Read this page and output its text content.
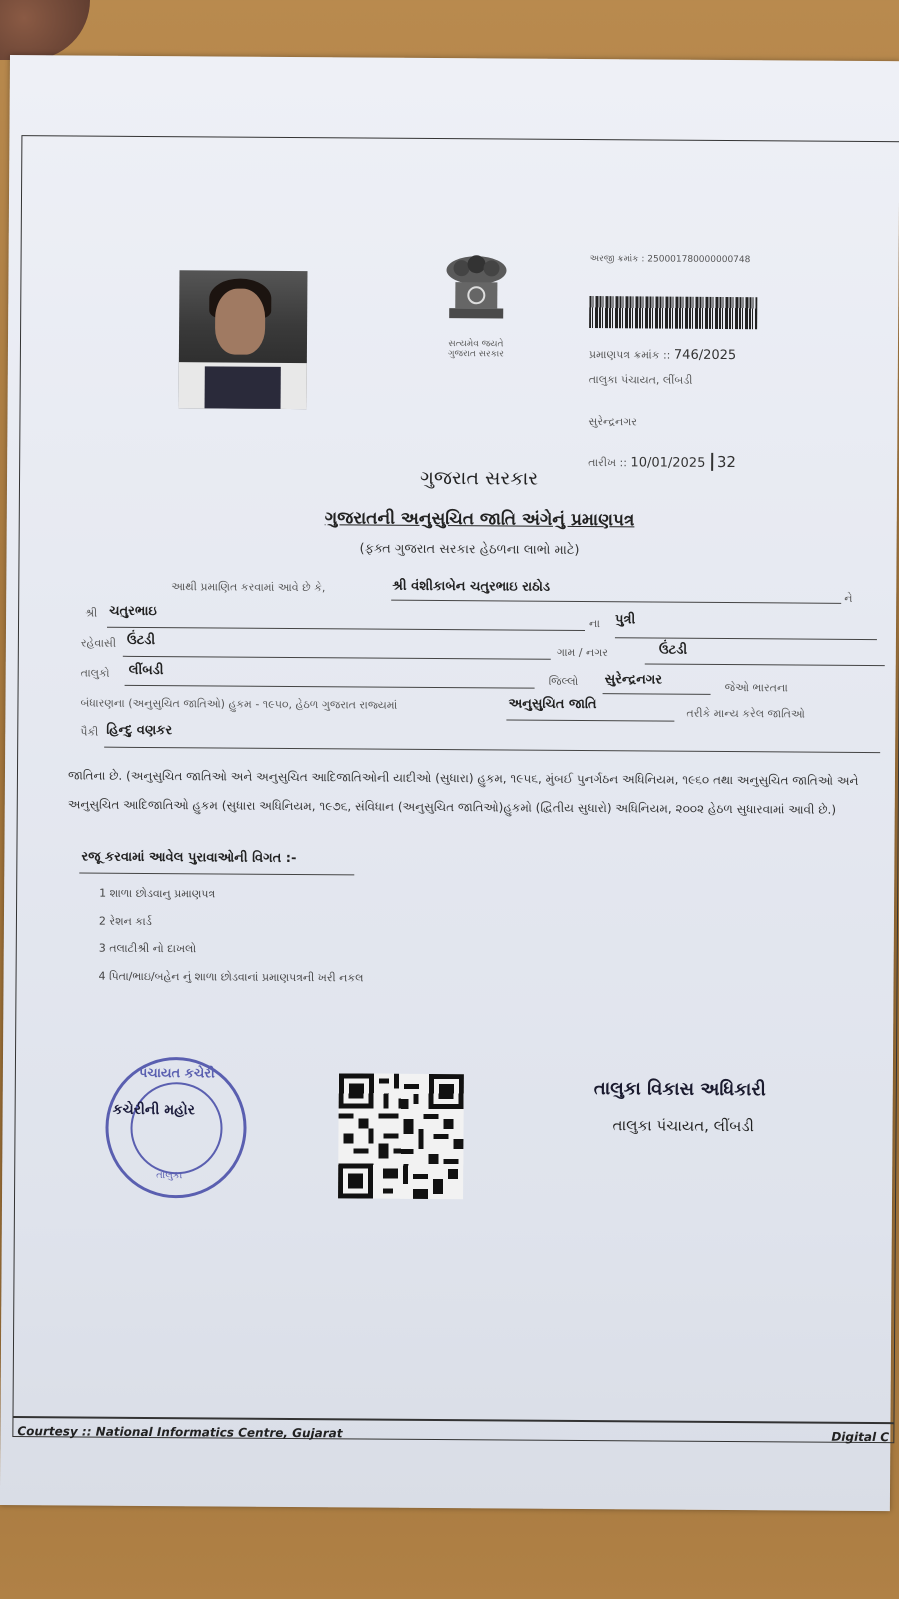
સત્યમેવ જયતે
ગુજરાત સરકાર
અરજી ક્રમાંક : 250001780000000748
પ્રમાણપત્ર ક્રમાંક :: 746/2025
તાલુકા પંચાયત, લીંબડી
સુરેન્દ્રનગર
તારીખ :: 10/01/2025 32
ગુજરાત સરકાર
ગુજરાતની અનુસુચિત જાતિ અંગેનું પ્રમાણપત્ર
(ફક્ત ગુજરાત સરકાર હેઠળના લાભો માટે)
આથી પ્રમાણિત કરવામાં આવે છે કે,	શ્રી વંશીકાબેન ચતુરભાઇ રાઠોડ
ને
શ્રી ચતુરભાઇ
ના પુત્રી
રહેવાસી ઉંટડી
ગામ / નગર	ઉંટડી
તાલુકો લીંબડી
જિલ્લો સુરેન્દ્રનગર
જેઓ ભારતના
બંધારણના (અનુસુચિત જાતિઓ) હુકમ - ૧૯૫૦, હેઠળ ગુજરાત રાજ્યમાં	અનુસુચિત જાતિ
તરીકે માન્ય કરેલ જાતિઓ
પૈકી હિન્દુ વણકર
જાતિના છે. (અનુસુચિત જાતિઓ અને અનુસુચિત આદિજાતિઓની યાદીઓ (સુધારા) હુકમ, ૧૯૫૬, મુંબઈ પુનર્ગઠન અધિનિયમ, ૧૯૬૦ તથા અનુસુચિત જાતિઓ અને અનુસુચિત આદિજાતિઓ હુકમ (સુધારા અધિનિયમ, ૧૯૭૬, સંવિધાન (અનુસુચિત જાતિઓ)હુકમો (દ્વિતીય સુધારો) અધિનિયમ, ૨૦૦૨ હેઠળ સુધારવામાં આવી છે.)
રજૂ કરવામાં આવેલ પુરાવાઓની વિગત :-
1 શાળા છોડવાનુ પ્રમાણપત્ર
2 રેશન કાર્ડ
3 તલાટીશ્રી નો દાખલો
4 પિતા/ભાઇ/બહેન નું શાળા છોડવાનાં પ્રમાણપત્રની ખરી નકલ
પંચાયત કચેરી
કચેરીની મહોર
તાલુકા
તાલુકા વિકાસ અધિકારી
તાલુકા પંચાયત, લીંબડી
Courtesy :: National Informatics Centre, Gujarat	Digital C
